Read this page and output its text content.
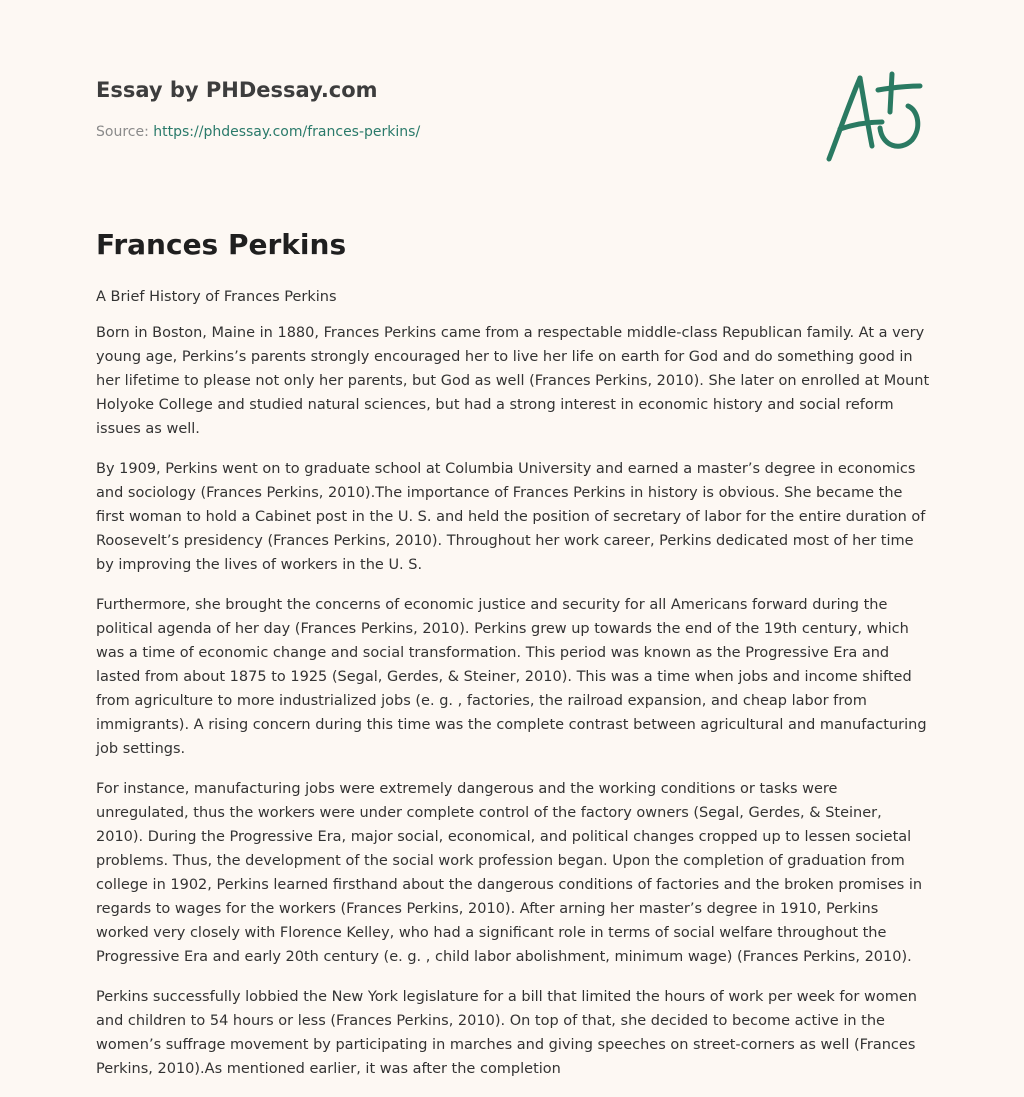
Essay by PHDessay.com
Source: https://phdessay.com/frances-perkins/
Frances Perkins

A Brief History of Frances Perkins

Born in Boston, Maine in 1880, Frances Perkins came from a respectable middle-class Republican family. At a very young age, Perkins’s parents strongly encouraged her to live her life on earth for God and do something good in her lifetime to please not only her parents, but God as well (Frances Perkins, 2010). She later on enrolled at Mount Holyoke College and studied natural sciences, but had a strong interest in economic history and social reform issues as well.

By 1909, Perkins went on to graduate school at Columbia University and earned a master’s degree in economics and sociology (Frances Perkins, 2010).The importance of Frances Perkins in history is obvious. She became the first woman to hold a Cabinet post in the U. S. and held the position of secretary of labor for the entire duration of Roosevelt’s presidency (Frances Perkins, 2010). Throughout her work career, Perkins dedicated most of her time by improving the lives of workers in the U. S.

Furthermore, she brought the concerns of economic justice and security for all Americans forward during the political agenda of her day (Frances Perkins, 2010). Perkins grew up towards the end of the 19th century, which was a time of economic change and social transformation. This period was known as the Progressive Era and lasted from about 1875 to 1925 (Segal, Gerdes, & Steiner, 2010). This was a time when jobs and income shifted from agriculture to more industrialized jobs (e. g. , factories, the railroad expansion, and cheap labor from immigrants). A rising concern during this time was the complete contrast between agricultural and manufacturing job settings.

For instance, manufacturing jobs were extremely dangerous and the working conditions or tasks were unregulated, thus the workers were under complete control of the factory owners (Segal, Gerdes, & Steiner, 2010). During the Progressive Era, major social, economical, and political changes cropped up to lessen societal problems. Thus, the development of the social work profession began. Upon the completion of graduation from college in 1902, Perkins learned firsthand about the dangerous conditions of factories and the broken promises in regards to wages for the workers (Frances Perkins, 2010). After arning her master’s degree in 1910, Perkins worked very closely with Florence Kelley, who had a significant role in terms of social welfare throughout the Progressive Era and early 20th century (e. g. , child labor abolishment, minimum wage) (Frances Perkins, 2010).

Perkins successfully lobbied the New York legislature for a bill that limited the hours of work per week for women and children to 54 hours or less (Frances Perkins, 2010). On top of that, she decided to become active in the women’s suffrage movement by participating in marches and giving speeches on street-corners as well (Frances Perkins, 2010).As mentioned earlier, it was after the completion
